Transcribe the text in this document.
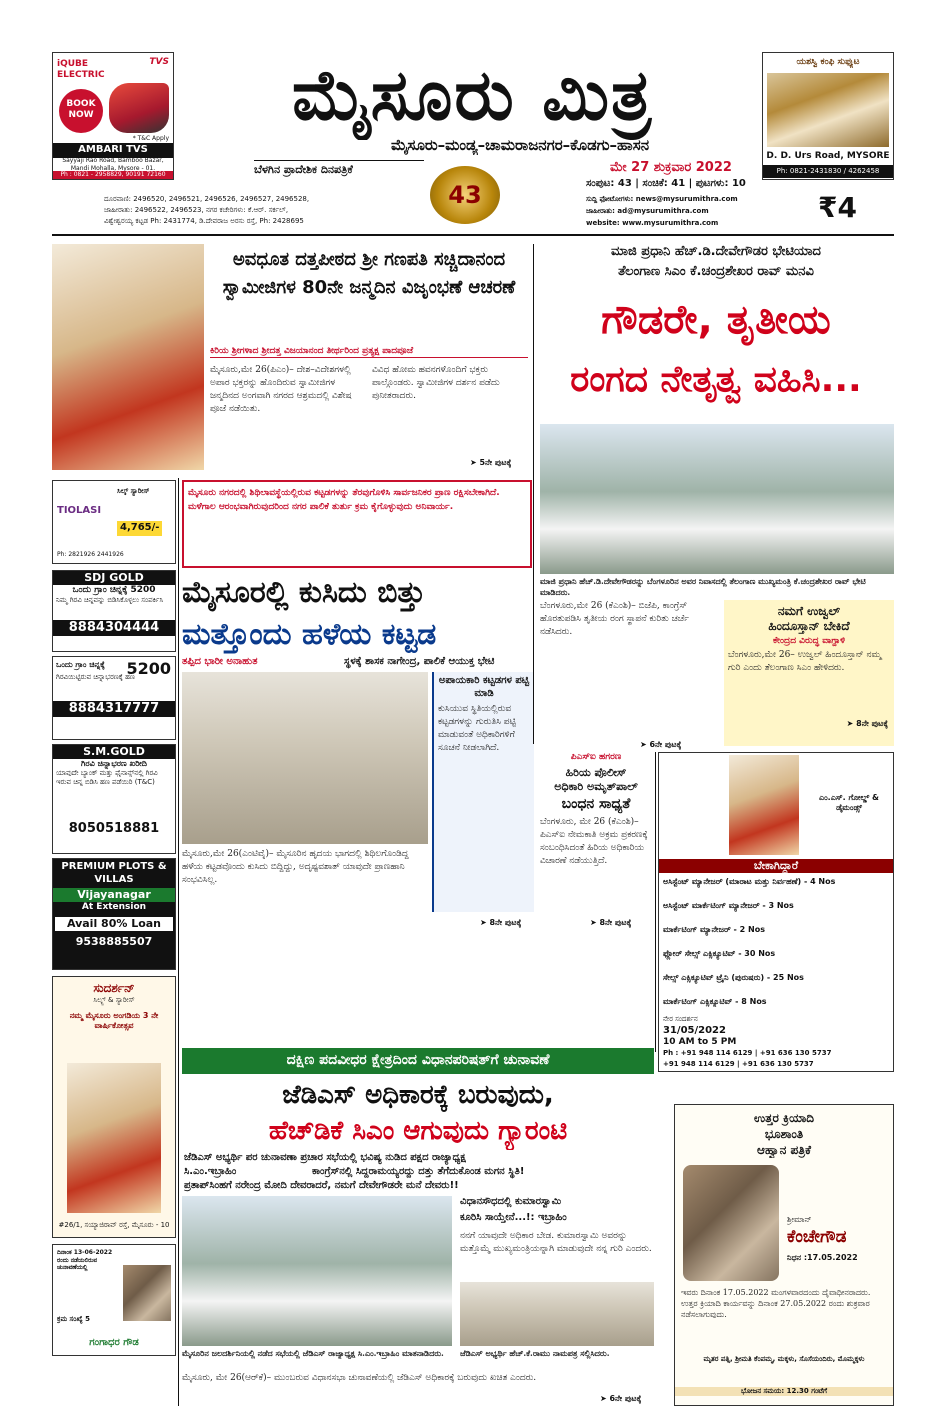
iQUBE ELECTRIC
TVS
BOOK NOW
* T&C Apply
AMBARI TVS
Sayyaji Rao Road, Bamboo Bazar, Mandi Mohalla, Mysore - 01.
Ph : 0821 - 2958829, 90191 72160
ಮೈಸೂರು ಮಿತ್ರ
ಮೈಸೂರು–ಮಂಡ್ಯ–ಚಾಮರಾಜನಗರ–ಕೊಡಗು–ಹಾಸನ
ಬೆಳಗಿನ ಪ್ರಾದೇಶಿಕ ದಿನಪತ್ರಿಕೆ
43
ಮೇ 27 ಶುಕ್ರವಾರ 2022
ಸಂಪುಟ: 43 | ಸಂಚಿಕೆ: 41 | ಪುಟಗಳು: 10
ಯಶಸ್ವಿ ಕಂಫಿ ಸುಫ್ಯುಟ
D. D. Urs Road, MYSORE
Ph: 0821-2431830 / 4262458
ದೂರವಾಣಿ: 2496520, 2496521, 2496526, 2496527, 2496528,
ಜಾಹೀರಾತು: 2496522, 2496523, ನಗರ ಕಚೇರಿಗಳು: ಕೆ.ಆರ್. ಸರ್ಕಲ್,
ವಿಶ್ವೇಶ್ವರಯ್ಯ ಕಟ್ಟಡ Ph: 2431774, ಡಿ.ದೇವರಾಜ ಅರಸು ರಸ್ತೆ, Ph: 2428695
ಸುದ್ದಿ ಫೋಟೋಗಳು: news@mysurumithra.com
ಜಾಹೀರಾತು: ad@mysurumithra.com
website: www.mysurumithra.com	₹4
ಅವಧೂತ ದತ್ತಪೀಠದ ಶ್ರೀ ಗಣಪತಿ ಸಚ್ಚಿದಾನಂದ ಸ್ವಾಮೀಜಿಗಳ 80ನೇ ಜನ್ಮದಿನ ವಿಜೃಂಭಣೆ ಆಚರಣೆ
ಕಿರಿಯ ಶ್ರೀಗಳಾದ ಶ್ರೀದತ್ತ ವಿಜಯಾನಂದ ತೀರ್ಥರಿಂದ ಪ್ರತ್ಯಕ್ಷ ಪಾದಪೂಜೆ
ಮೈಸೂರು,ಮೇ 26(ಪಿಎಂ)– ದೇಶ–ವಿದೇಶಗಳಲ್ಲಿ ಅಪಾರ ಭಕ್ತರನ್ನು ಹೊಂದಿರುವ ಸ್ವಾಮೀಜಿಗಳ ಜನ್ಮದಿನದ ಅಂಗವಾಗಿ ನಗರದ ಆಶ್ರಮದಲ್ಲಿ ವಿಶೇಷ ಪೂಜೆ ನಡೆಯಿತು.
ವಿವಿಧ ಹೋಮ ಹವನಗಳೊಂದಿಗೆ ಭಕ್ತರು ಪಾಲ್ಗೊಂಡರು. ಸ್ವಾಮೀಜಿಗಳ ದರ್ಶನ ಪಡೆದು ಪುನೀತರಾದರು.
➤ 5ನೇ ಪುಟಕ್ಕೆ
ಮಾಜಿ ಪ್ರಧಾನಿ ಹೆಚ್.ಡಿ.ದೇವೇಗೌಡರ ಭೇಟಿಯಾದ
ತೆಲಂಗಾಣ ಸಿಎಂ ಕೆ.ಚಂದ್ರಶೇಖರ ರಾವ್ ಮನವಿ
ಗೌಡರೇ, ತೃತೀಯ
ರಂಗದ ನೇತೃತ್ವ ವಹಿಸಿ...
ಮಾಜಿ ಪ್ರಧಾನಿ ಹೆಚ್.ಡಿ.ದೇವೇಗೌಡರನ್ನು ಬೆಂಗಳೂರಿನ ಅವರ ನಿವಾಸದಲ್ಲಿ ತೆಲಂಗಾಣ ಮುಖ್ಯಮಂತ್ರಿ ಕೆ.ಚಂದ್ರಶೇಖರ ರಾವ್ ಭೇಟಿ ಮಾಡಿದರು.
ಬೆಂಗಳೂರು,ಮೇ 26 (ಕೆಎಂಶಿ)– ಬಿಜೆಪಿ, ಕಾಂಗ್ರೆಸ್ ಹೊರತುಪಡಿಸಿ ತೃತೀಯ ರಂಗ ಸ್ಥಾಪನೆ ಕುರಿತು ಚರ್ಚೆ ನಡೆಸಿದರು.
➤ 6ನೇ ಪುಟಕ್ಕೆ
ನಮಗೆ ಉಜ್ವಲ್
ಹಿಂದೂಸ್ತಾನ್ ಬೇಕಿದೆ
ಕೇಂದ್ರದ ವಿರುದ್ಧ ವಾಗ್ದಾಳಿ
ಬೆಂಗಳೂರು,ಮೇ 26– ಉಜ್ವಲ್ ಹಿಂದೂಸ್ತಾನ್ ನಮ್ಮ ಗುರಿ ಎಂದು ತೆಲಂಗಾಣ ಸಿಎಂ ಹೇಳಿದರು.
➤ 8ನೇ ಪುಟಕ್ಕೆ
ಮೈಸೂರು ನಗರದಲ್ಲಿ ಶಿಥಿಲಾವಸ್ಥೆಯಲ್ಲಿರುವ ಕಟ್ಟಡಗಳನ್ನು ತೆರವುಗೊಳಿಸಿ ಸಾರ್ವಜನಿಕರ ಪ್ರಾಣ ರಕ್ಷಿಸಬೇಕಾಗಿದೆ. ಮಳೆಗಾಲ ಆರಂಭವಾಗಿರುವುದರಿಂದ ನಗರ ಪಾಲಿಕೆ ತುರ್ತು ಕ್ರಮ ಕೈಗೊಳ್ಳುವುದು ಅನಿವಾರ್ಯ.
ಮೈಸೂರಲ್ಲಿ ಕುಸಿದು ಬಿತ್ತು
ಮತ್ತೊಂದು ಹಳೆಯ ಕಟ್ಟಡ
ತಪ್ಪಿದ ಭಾರೀ ಅನಾಹುತ	ಸ್ಥಳಕ್ಕೆ ಶಾಸಕ ನಾಗೇಂದ್ರ, ಪಾಲಿಕೆ ಆಯುಕ್ತ ಭೇಟಿ
ಅಪಾಯಕಾರಿ ಕಟ್ಟಡಗಳ ಪಟ್ಟಿ ಮಾಡಿ
ಕುಸಿಯುವ ಸ್ಥಿತಿಯಲ್ಲಿರುವ ಕಟ್ಟಡಗಳನ್ನು ಗುರುತಿಸಿ ಪಟ್ಟಿ ಮಾಡುವಂತೆ ಅಧಿಕಾರಿಗಳಿಗೆ ಸೂಚನೆ ನೀಡಲಾಗಿದೆ.
ಮೈಸೂರು,ಮೇ 26(ಎಂಟಿವೈ)– ಮೈಸೂರಿನ ಹೃದಯ ಭಾಗದಲ್ಲಿ ಶಿಥಿಲಗೊಂಡಿದ್ದ ಹಳೆಯ ಕಟ್ಟಡವೊಂದು ಕುಸಿದು ಬಿದ್ದಿದ್ದು, ಅದೃಷ್ಟವಶಾತ್ ಯಾವುದೇ ಪ್ರಾಣಹಾನಿ ಸಂಭವಿಸಿಲ್ಲ.
➤ 8ನೇ ಪುಟಕ್ಕೆ
ಪಿಎಸ್‌ಐ ಹಗರಣ
ಹಿರಿಯ ಪೊಲೀಸ್
ಅಧಿಕಾರಿ ಅಮೃತ್‌ಪಾಲ್
ಬಂಧನ ಸಾಧ್ಯತೆ
ಬೆಂಗಳೂರು, ಮೇ 26 (ಕೆಎಂಶಿ)– ಪಿಎಸ್‌ಐ ನೇಮಕಾತಿ ಅಕ್ರಮ ಪ್ರಕರಣಕ್ಕೆ ಸಂಬಂಧಿಸಿದಂತೆ ಹಿರಿಯ ಅಧಿಕಾರಿಯ ವಿಚಾರಣೆ ನಡೆಯುತ್ತಿದೆ.
➤ 8ನೇ ಪುಟಕ್ಕೆ
ಎಂ.ಎಸ್. ಗೋಲ್ಡ್ & ಡೈಮಂಡ್ಸ್
ಬೇಕಾಗಿದ್ದಾರೆ
ಅಸಿಸ್ಟೆಂಟ್ ಮ್ಯಾನೇಜರ್ (ಮಾರಾಟ ಮತ್ತು ನಿರ್ವಹಣೆ) - 4 Nos
ಅಸಿಸ್ಟೆಂಟ್ ಮಾರ್ಕೆಟಿಂಗ್ ಮ್ಯಾನೇಜರ್ - 3 Nos
ಮಾರ್ಕೆಟಿಂಗ್ ಮ್ಯಾನೇಜರ್ - 2 Nos
ಫ್ಲೋರ್ ಸೇಲ್ಸ್ ಎಕ್ಸಿಕ್ಯೂಟಿವ್ - 30 Nos
ಸೇಲ್ಸ್ ಎಕ್ಸಿಕ್ಯೂಟಿವ್ ಟ್ರೈನಿ (ಪುರುಷರು) - 25 Nos
ಮಾರ್ಕೆಟಿಂಗ್ ಎಕ್ಸಿಕ್ಯೂಟಿವ್ - 8 Nos
ನೇರ ಸಂದರ್ಶನ
31/05/2022
10 AM to 5 PM
Ph : +91 948 114 6129 | +91 636 130 5737
+91 948 114 6129 | +91 636 130 5737
TIOLASI
ಸಿಲ್ಕ್ ಸ್ಯಾರೀಸ್
4,765/-
Ph: 2821926 2441926
SDJ GOLD
ಒಂದು ಗ್ರಾಂ ಚಿನ್ನಕ್ಕೆ 5200
ನಿಮ್ಮ ಗಿರವಿ ಚಿನ್ನವನ್ನು ಬಿಡಿಸಿಕೊಳ್ಳಲು ಸಂಪರ್ಕಿಸಿ
8884304444
ಒಂದು ಗ್ರಾಂ ಚಿನ್ನಕ್ಕೆ	5200
ಗಿರವಿಯಿಟ್ಟಿರುವ ಚಿನ್ನಾಭರಣಕ್ಕೆ ಹಣ
8884317777
S.M.GOLD
ಗಿರವಿ ಚಿನ್ನಾಭರಣ ಖರೀದಿ
ಯಾವುದೇ ಬ್ಯಾಂಕ್ ಮತ್ತು ಫೈನಾನ್ಸ್‌ನಲ್ಲಿ ಗಿರವಿ ಇರುವ ಚಿನ್ನ ಬಿಡಿಸಿ ಹಣ ಪಡೆಯಿರಿ (T&C)
8050518881
PREMIUM PLOTS & VILLAS
Vijayanagar
At Extension
Avail 80% Loan
9538885507
ಸುದರ್ಶನ್
ಸಿಲ್ಕ್ಸ್ & ಸ್ಯಾರೀಸ್
ನಮ್ಮ ಮೈಸೂರು ಅಂಗಡಿಯ 3 ನೇ ವಾರ್ಷಿಕೋತ್ಸವ
#26/1, ಸಯ್ಯಾಜಿರಾವ್ ರಸ್ತೆ, ಮೈಸೂರು - 10
ದಿನಾಂಕ 13-06-2022 ರಂದು ನಡೆಯಲಿರುವ ಚುನಾವಣೆಯಲ್ಲಿ
ಕ್ರಮ ಸಂಖ್ಯೆ 5
ಗಂಗಾಧರ ಗೌಡ
ದಕ್ಷಿಣ ಪದವೀಧರ ಕ್ಷೇತ್ರದಿಂದ ವಿಧಾನಪರಿಷತ್‌ಗೆ ಚುನಾವಣೆ
ಜೆಡಿಎಸ್ ಅಧಿಕಾರಕ್ಕೆ ಬರುವುದು,
ಹೆಚ್‌ಡಿಕೆ ಸಿಎಂ ಆಗುವುದು ಗ್ಯಾರಂಟಿ
ಜೆಡಿಎಸ್ ಅಭ್ಯರ್ಥಿ ಪರ ಚುನಾವಣಾ ಪ್ರಚಾರ ಸಭೆಯಲ್ಲಿ ಭವಿಷ್ಯ ನುಡಿದ ಪಕ್ಷದ ರಾಜ್ಯಾಧ್ಯಕ್ಷ
ಸಿ.ಎಂ.ಇಬ್ರಾಹಿಂ	ಕಾಂಗ್ರೆಸ್‌ನಲ್ಲಿ ಸಿದ್ದರಾಮಯ್ಯರದ್ದು ದತ್ತು ತೆಗೆದುಕೊಂಡ ಮಗನ ಸ್ಥಿತಿ!
ಪ್ರತಾಪ್‌ಸಿಂಹಗೆ ನರೇಂದ್ರ ಮೋದಿ ದೇವರಾದರೆ, ನಮಗೆ ದೇವೇಗೌಡರೇ ಮನೆ ದೇವರು!!
ವಿಧಾನಸೌಧದಲ್ಲಿ ಕುಮಾರಸ್ವಾಮಿ
ಕೂರಿಸಿ ಸಾಯ್ತೇನೆ...!: ಇಬ್ರಾಹಿಂ
ನನಗೆ ಯಾವುದೇ ಅಧಿಕಾರ ಬೇಡ. ಕುಮಾರಸ್ವಾಮಿ ಅವರನ್ನು ಮತ್ತೊಮ್ಮೆ ಮುಖ್ಯಮಂತ್ರಿಯನ್ನಾಗಿ ಮಾಡುವುದೇ ನನ್ನ ಗುರಿ ಎಂದರು.
ಮೈಸೂರಿನ ಜಲದರ್ಶಿನಿಯಲ್ಲಿ ನಡೆದ ಸಭೆಯಲ್ಲಿ ಜೆಡಿಎಸ್ ರಾಜ್ಯಾಧ್ಯಕ್ಷ ಸಿ.ಎಂ.ಇಬ್ರಾಹಿಂ ಮಾತನಾಡಿದರು.	ಜೆಡಿಎಸ್ ಅಭ್ಯರ್ಥಿ ಹೆಚ್.ಕೆ.ರಾಮು ನಾಮಪತ್ರ ಸಲ್ಲಿಸಿದರು.
ಮೈಸೂರು, ಮೇ 26(ಆರ್‌ಕೆ)– ಮುಂಬರುವ ವಿಧಾನಸಭಾ ಚುನಾವಣೆಯಲ್ಲಿ ಜೆಡಿಎಸ್ ಅಧಿಕಾರಕ್ಕೆ ಬರುವುದು ಖಚಿತ ಎಂದರು.
➤ 6ನೇ ಪುಟಕ್ಕೆ
ಉತ್ತರ ಕ್ರಿಯಾದಿ
ಭೂಶಾಂತಿ
ಆಹ್ವಾನ ಪತ್ರಿಕೆ
ಶ್ರೀಮಾನ್
ಕೆಂಚೇಗೌಡ
ನಿಧನ :17.05.2022
ಇವರು ದಿನಾಂಕ 17.05.2022 ಮಂಗಳವಾರದಂದು ದೈವಾಧೀನರಾದರು. ಉತ್ತರ ಕ್ರಿಯಾದಿ ಕಾರ್ಯವನ್ನು ದಿನಾಂಕ 27.05.2022 ರಂದು ಶುಕ್ರವಾರ ನಡೆಸಲಾಗುವುದು.
ಮೃತರ ಪತ್ನಿ, ಶ್ರೀಮತಿ ಕೆಂಪಮ್ಮ, ಮಕ್ಕಳು, ಸೊಸೆಯಂದಿರು, ಮೊಮ್ಮಕ್ಕಳು
ಭೋಜನ ಸಮಯ: 12.30 ಗಂಟೆಗೆ
